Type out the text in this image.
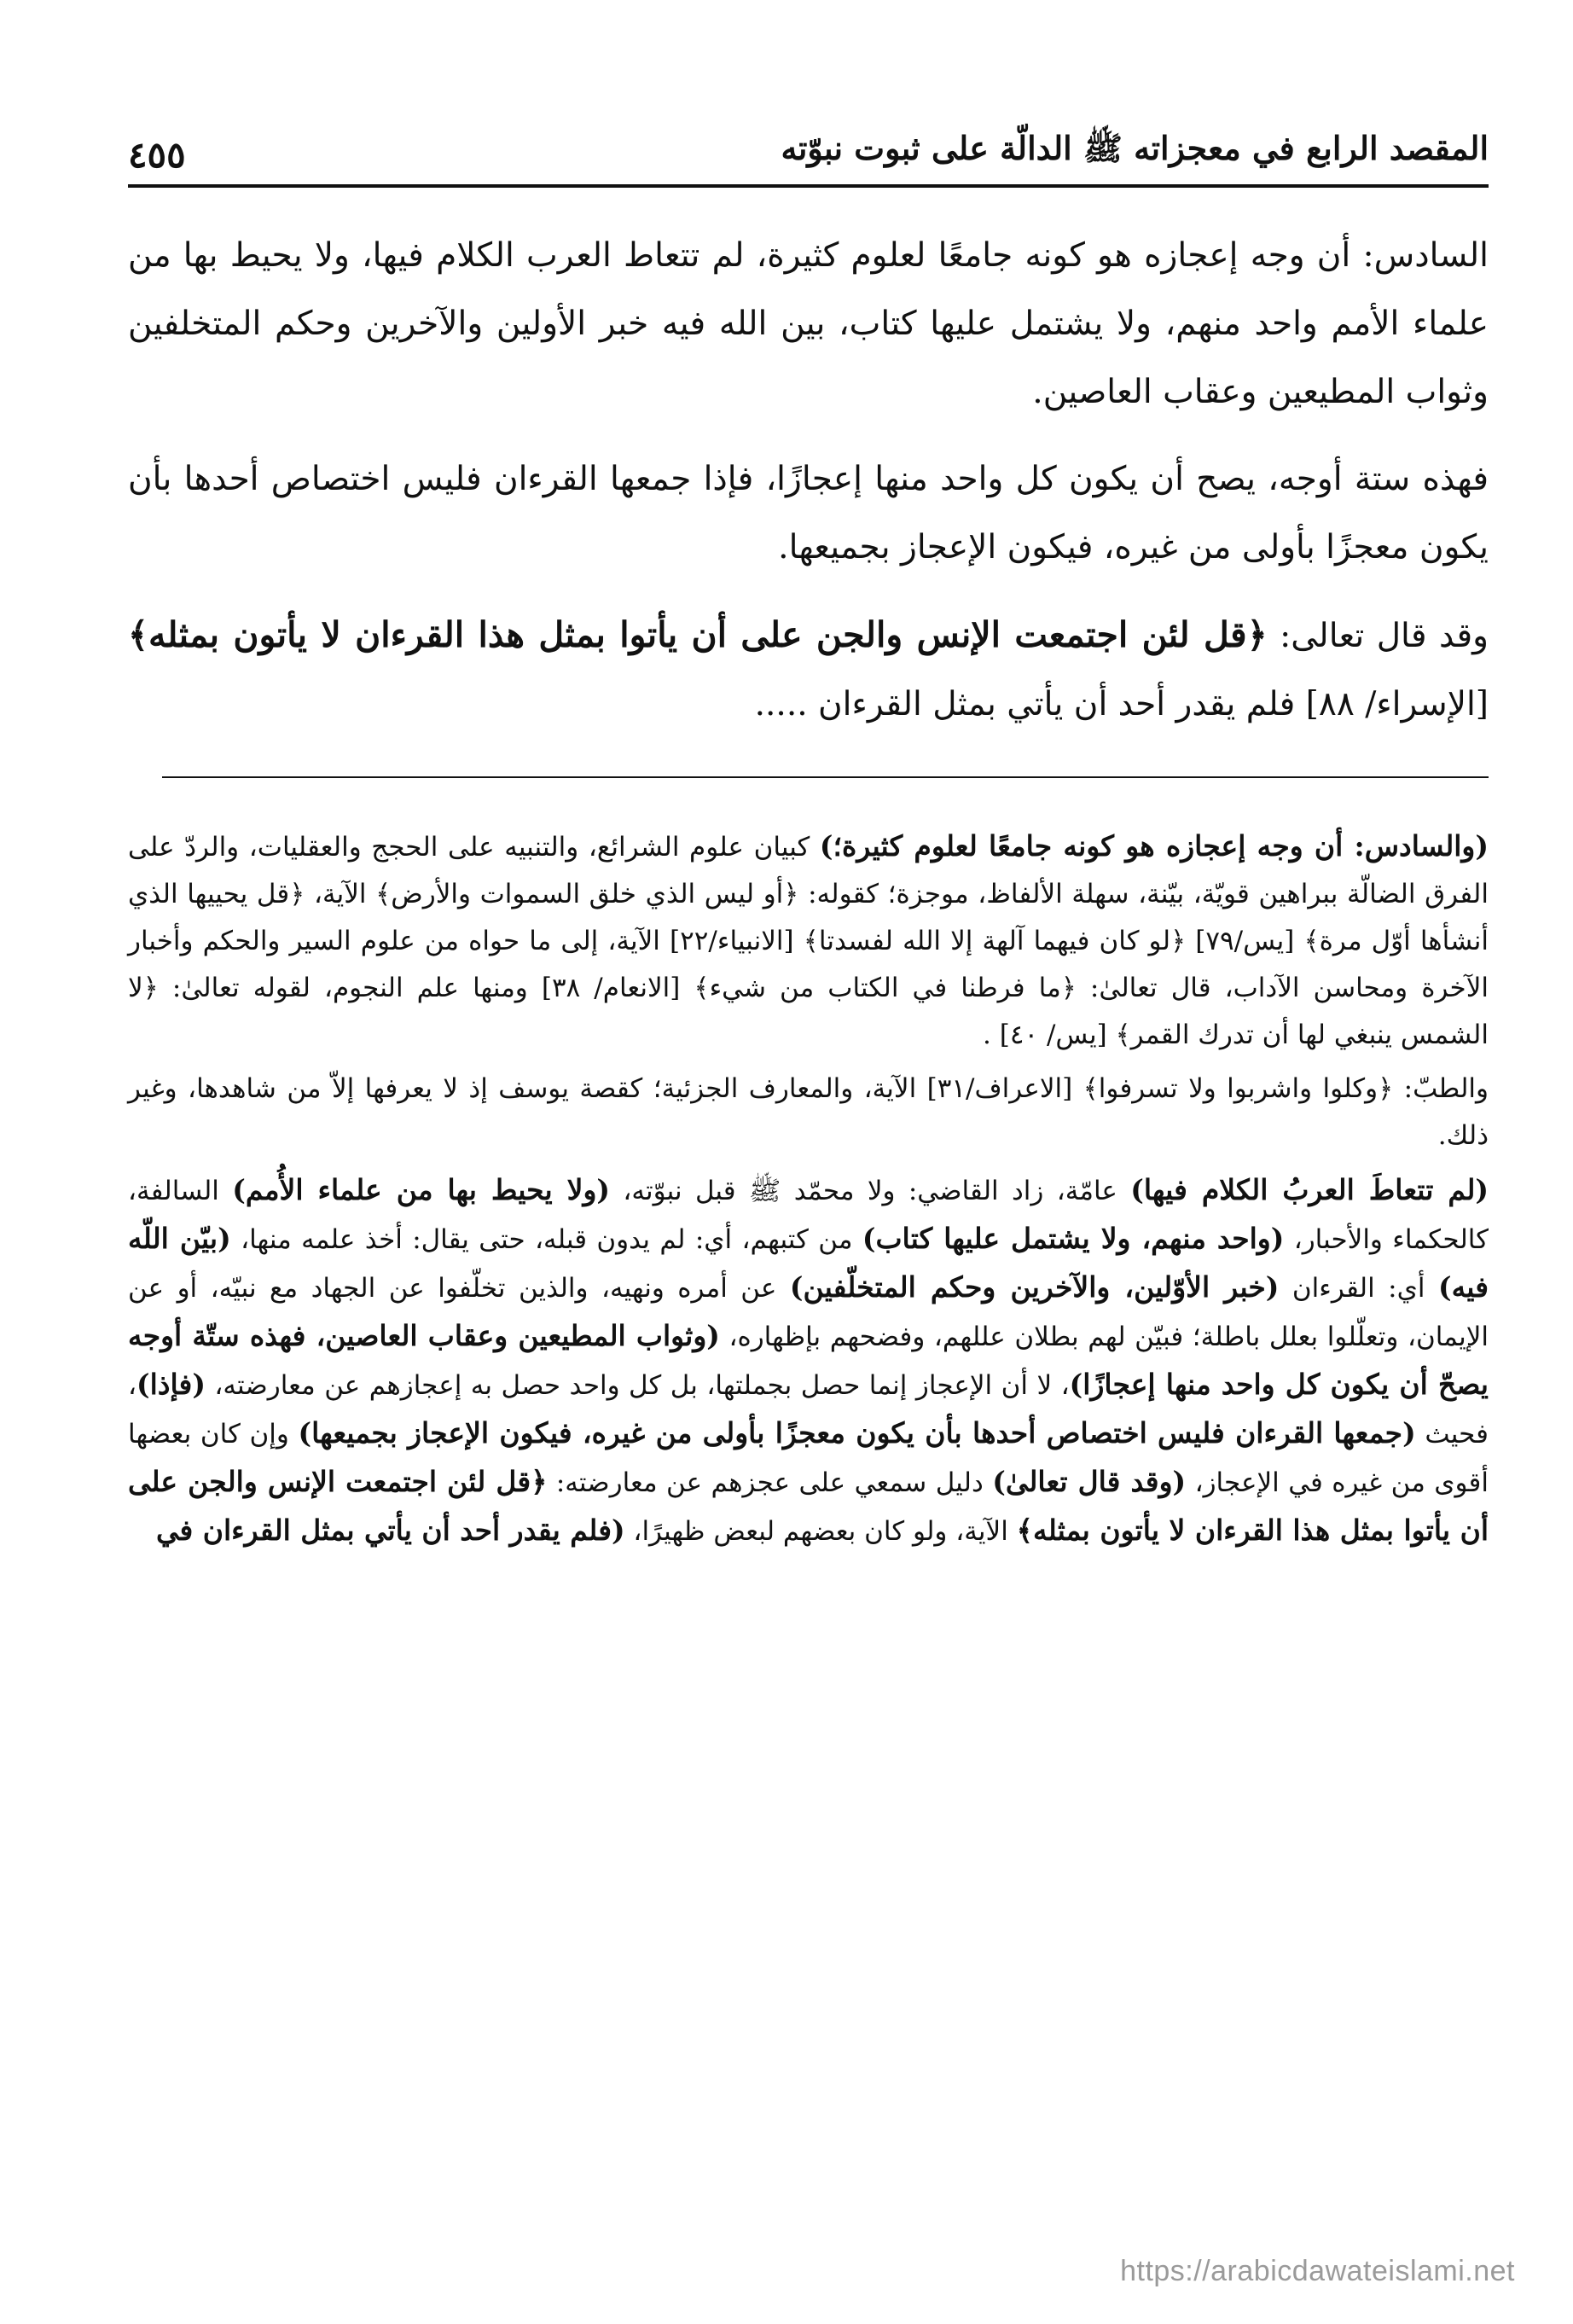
المقصد الرابع في معجزاته ﷺ الدالّة على ثبوت نبوّته
٤٥٥

السادس: أن وجه إعجازه هو كونه جامعًا لعلوم كثيرة، لم تتعاط العرب الكلام فيها، ولا يحيط بها من علماء الأمم واحد منهم، ولا يشتمل عليها كتاب، بين الله فيه خبر الأولين والآخرين وحكم المتخلفين وثواب المطيعين وعقاب العاصين.

فهذه ستة أوجه، يصح أن يكون كل واحد منها إعجازًا، فإذا جمعها القرءان فليس اختصاص أحدها بأن يكون معجزًا بأولى من غيره، فيكون الإعجاز بجميعها.

وقد قال تعالى: ﴿قل لئن اجتمعت الإنس والجن على أن يأتوا بمثل هذا القرءان لا يأتون بمثله﴾ [الإسراء/ ٨٨] فلم يقدر أحد أن يأتي بمثل القرءان .....

(والسادس: أن وجه إعجازه هو كونه جامعًا لعلوم كثيرة؛) كبيان علوم الشرائع، والتنبيه على الحجج والعقليات، والردّ على الفرق الضالّة ببراهين قويّة، بيّنة، سهلة الألفاظ، موجزة؛ كقوله: ﴿أو ليس الذي خلق السموات والأرض﴾ الآية، ﴿قل يحييها الذي أنشأها أوّل مرة﴾ [يس/٧٩] ﴿لو كان فيهما آلهة إلا الله لفسدتا﴾ [الانبياء/٢٢] الآية، إلى ما حواه من علوم السير والحكم وأخبار الآخرة ومحاسن الآداب، قال تعالىٰ: ﴿ما فرطنا في الكتاب من شيء﴾ [الانعام/ ٣٨] ومنها علم النجوم، لقوله تعالىٰ: ﴿لا الشمس ينبغي لها أن تدرك القمر﴾ [يس/ ٤٠] .

والطبّ: ﴿وكلوا واشربوا ولا تسرفوا﴾ [الاعراف/٣١] الآية، والمعارف الجزئية؛ كقصة يوسف إذ لا يعرفها إلاّ من شاهدها، وغير ذلك.

(لم تتعاطَ العربُ الكلام فيها) عامّة، زاد القاضي: ولا محمّد ﷺ قبل نبوّته، (ولا يحيط بها من علماء الأُمم) السالفة، كالحكماء والأحبار، (واحد منهم، ولا يشتمل عليها كتاب) من كتبهم، أي: لم يدون قبله، حتى يقال: أخذ علمه منها، (بيّن اللّه فيه) أي: القرءان (خبر الأوّلين، والآخرين وحكم المتخلّفين) عن أمره ونهيه، والذين تخلّفوا عن الجهاد مع نبيّه، أو عن الإيمان، وتعلّلوا بعلل باطلة؛ فبيّن لهم بطلان عللهم، وفضحهم بإظهاره، (وثواب المطيعين وعقاب العاصين، فهذه ستّة أوجه يصحّ أن يكون كل واحد منها إعجازًا)، لا أن الإعجاز إنما حصل بجملتها، بل كل واحد حصل به إعجازهم عن معارضته، (فإذا)، فحيث (جمعها القرءان فليس اختصاص أحدها بأن يكون معجزًا بأولى من غيره، فيكون الإعجاز بجميعها) وإن كان بعضها أقوى من غيره في الإعجاز، (وقد قال تعالىٰ) دليل سمعي على عجزهم عن معارضته: ﴿قل لئن اجتمعت الإنس والجن على أن يأتوا بمثل هذا القرءان لا يأتون بمثله﴾ الآية، ولو كان بعضهم لبعض ظهيرًا، (فلم يقدر أحد أن يأتي بمثل القرءان في

https://arabicdawateislami.net
